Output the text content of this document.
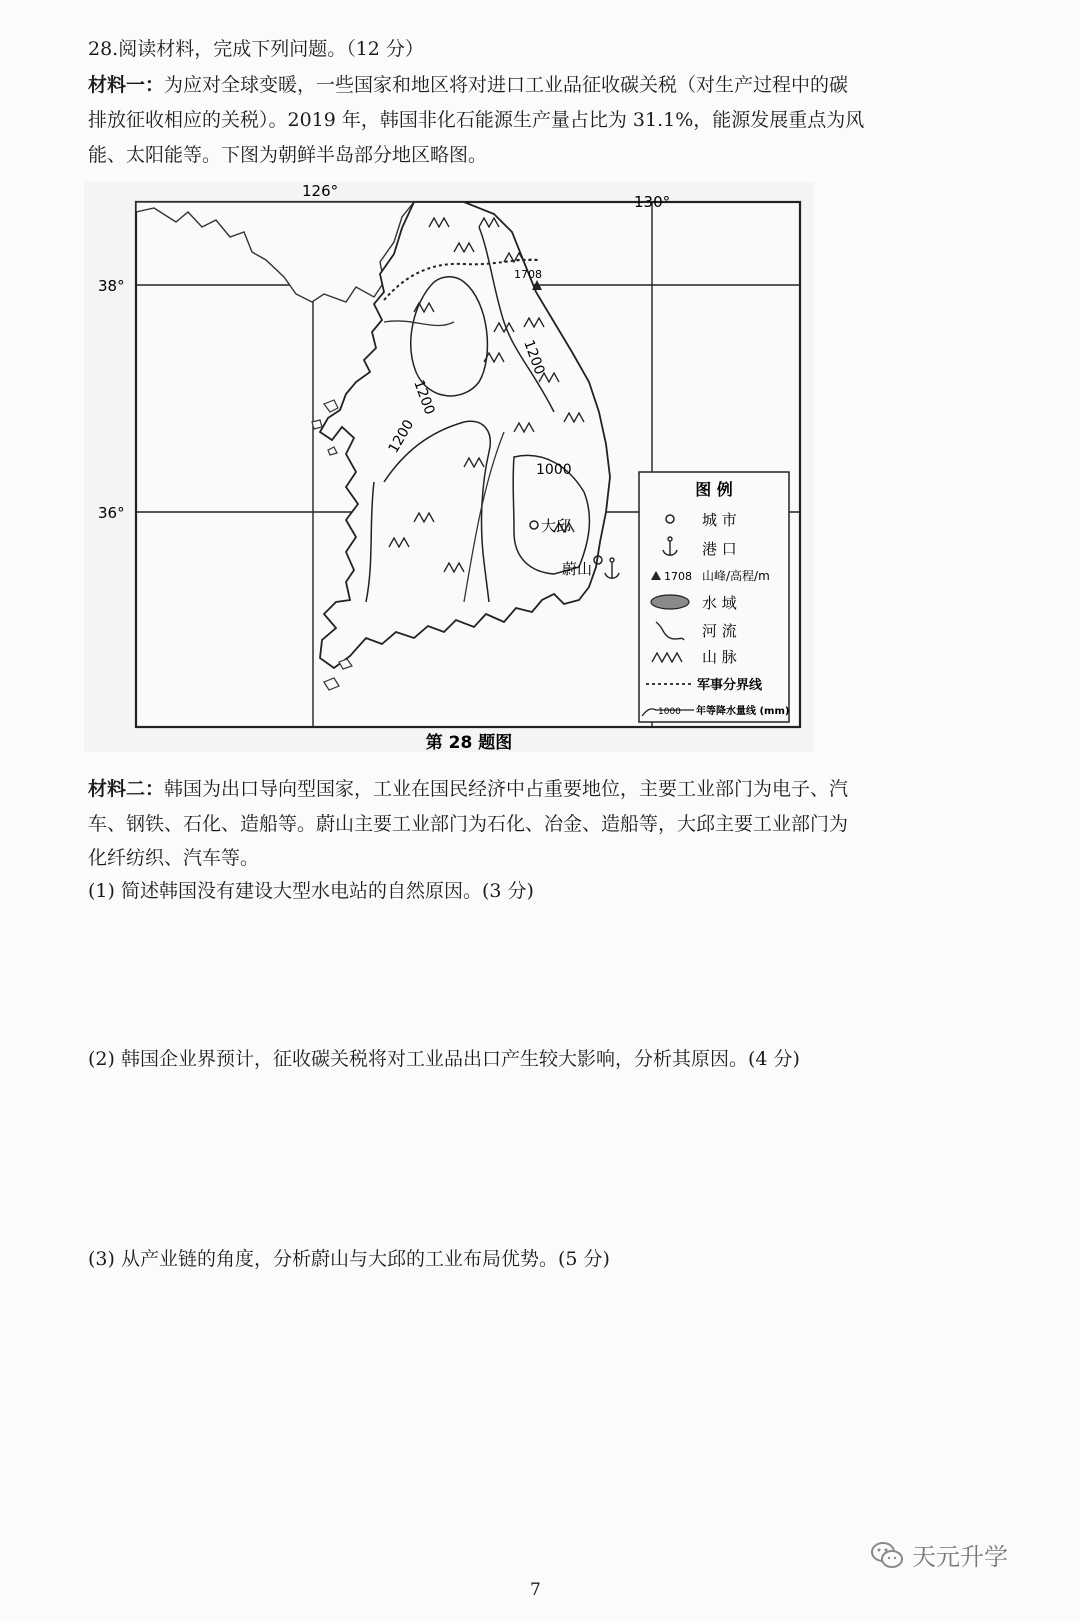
28.阅读材料，完成下列问题。（12 分）
材料一：为应对全球变暖，一些国家和地区将对进口工业品征收碳关税（对生产过程中的碳
排放征收相应的关税）。2019 年，韩国非化石能源生产量占比为 31.1%，能源发展重点为风
能、太阳能等。下图为朝鲜半岛部分地区略图。
126°
130°
38°
36°
1200
1200
1200
1000
1708
大邱
蔚山
图 例
城 市
港 口
1708 山峰/高程/m
水 域
河 流
山 脉
军事分界线
1000 年等降水量线 (mm)
第 28 题图
材料二：韩国为出口导向型国家，工业在国民经济中占重要地位，主要工业部门为电子、汽
车、钢铁、石化、造船等。蔚山主要工业部门为石化、冶金、造船等，大邱主要工业部门为
化纤纺织、汽车等。
(1) 简述韩国没有建设大型水电站的自然原因。(3 分)
(2) 韩国企业界预计，征收碳关税将对工业品出口产生较大影响，分析其原因。(4 分)
(3) 从产业链的角度，分析蔚山与大邱的工业布局优势。(5 分)
7
天元升学
